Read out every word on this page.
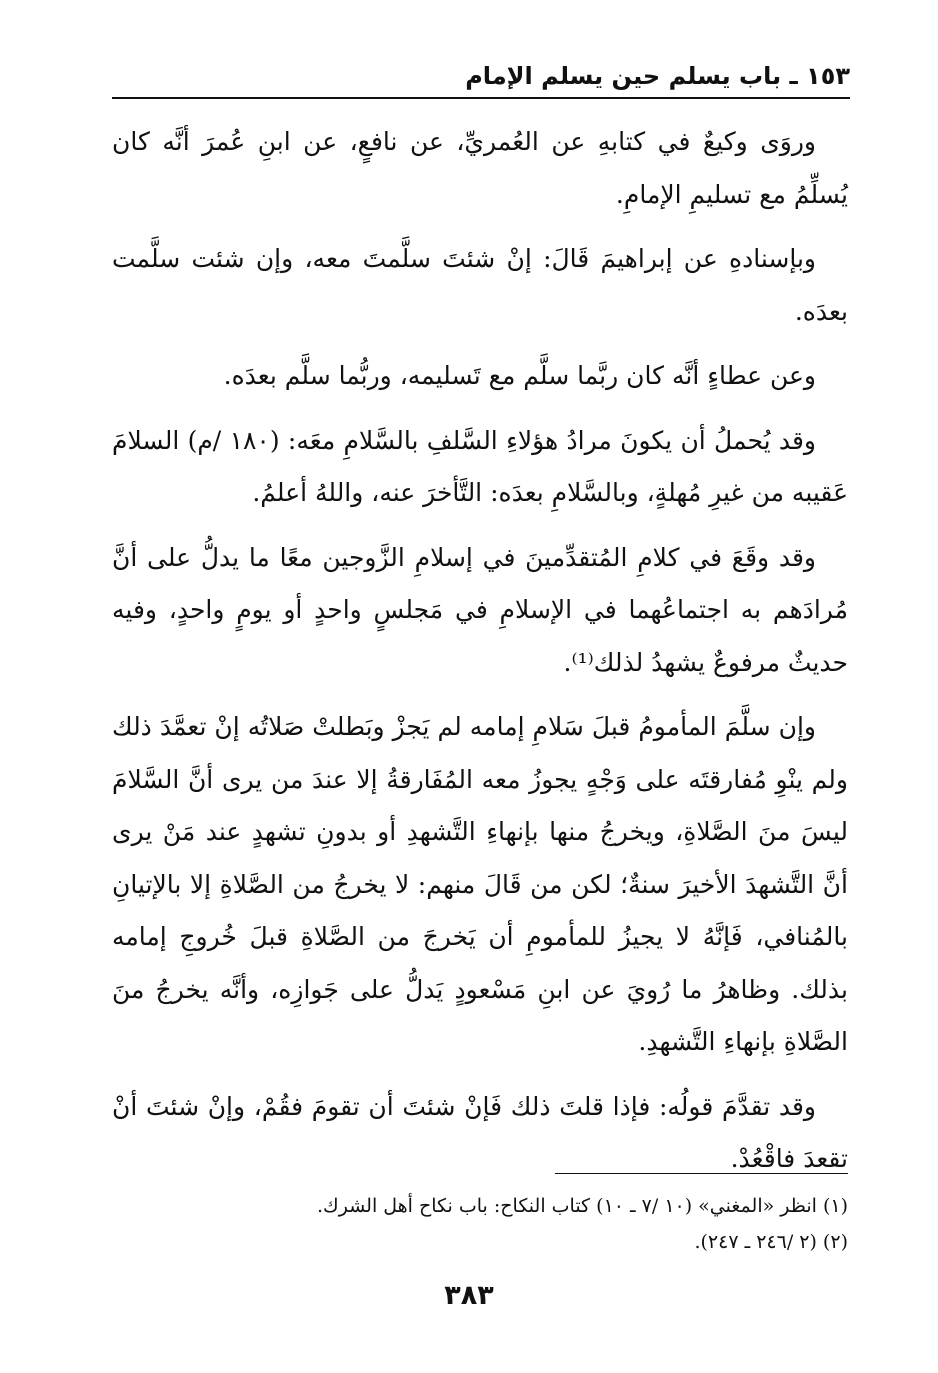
١٥٣ ـ باب يسلم حين يسلم الإمام

وروَى وكيعٌ في كتابهِ عن العُمريِّ، عن نافعٍ، عن ابنِ عُمرَ أنَّه كان يُسلِّمُ مع تسليمِ الإمامِ.

وبإسنادهِ عن إبراهيمَ قَالَ: إنْ شئتَ سلَّمتَ معه، وإن شئت سلَّمت بعدَه.

وعن عطاءٍ أنَّه كان ربَّما سلَّم مع تَسليمه، وربُّما سلَّم بعدَه.

وقد يُحملُ أن يكونَ مرادُ هؤلاءِ السَّلفِ بالسَّلامِ معَه: (١٨٠ /م) السلامَ عَقيبه من غيرِ مُهلةٍ، وبالسَّلامِ بعدَه: التَّأخرَ عنه، واللهُ أعلمُ.

وقد وقَعَ في كلامِ المُتقدِّمينَ في إسلامِ الزَّوجين معًا ما يدلُّ على أنَّ مُرادَهم به اجتماعُهما في الإسلامِ في مَجلسٍ واحدٍ أو يومٍ واحدٍ، وفيه حديثٌ مرفوعٌ يشهدُ لذلك⁽¹⁾.

وإن سلَّمَ المأمومُ قبلَ سَلامِ إمامه لم يَجزْ وبَطلتْ صَلاتُه إنْ تعمَّدَ ذلك ولم ينْوِ مُفارقتَه على وَجْهٍ يجوزُ معه المُفَارقةُ إلا عندَ من يرى أنَّ السَّلامَ ليسَ منَ الصَّلاةِ، ويخرجُ منها بإنهاءِ التَّشهدِ أو بدونِ تشهدٍ عند مَنْ يرى أنَّ التَّشهدَ الأخيرَ سنةٌ؛ لكن من قَالَ منهم: لا يخرجُ من الصَّلاةِ إلا بالإتيانِ بالمُنافي، فَإنَّهُ لا يجيزُ للمأمومِ أن يَخرجَ من الصَّلاةِ قبلَ خُروجِ إمامه بذلك. وظاهرُ ما رُويَ عن ابنِ مَسْعودٍ يَدلُّ على جَوازِه، وأنَّه يخرجُ منَ الصَّلاةِ بإنهاءِ التَّشهدِ.

وقد تقدَّمَ قولُه: فإذا قلتَ ذلك فَإنْ شئتَ أن تقومَ فقُمْ، وإنْ شئتَ أنْ تقعدَ فاقْعُدْ.

(١) انظر «المغني» (١٠ /٧ ـ ١٠) كتاب النكاح: باب نكاح أهل الشرك.

(٢) (٢ /٢٤٦ ـ ٢٤٧).

٣٨٣
